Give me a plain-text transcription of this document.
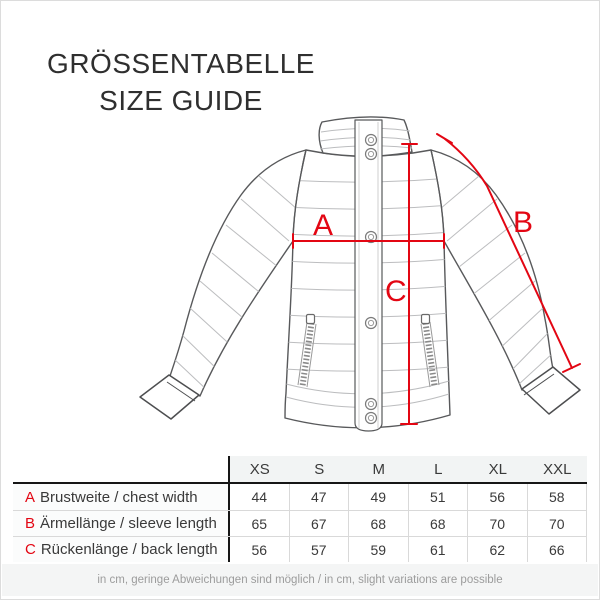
GRÖSSENTABELLE
SIZE GUIDE
A	B
C
XS	S	M	L	XL	XXL
A Brustweite / chest width	44	47	49	51	56	58
B Ärmellänge / sleeve length	65	67	68	68	70	70
C Rückenlänge / back length	56	57	59	61	62	66
in cm, geringe Abweichungen sind möglich / in cm, slight variations are possible
